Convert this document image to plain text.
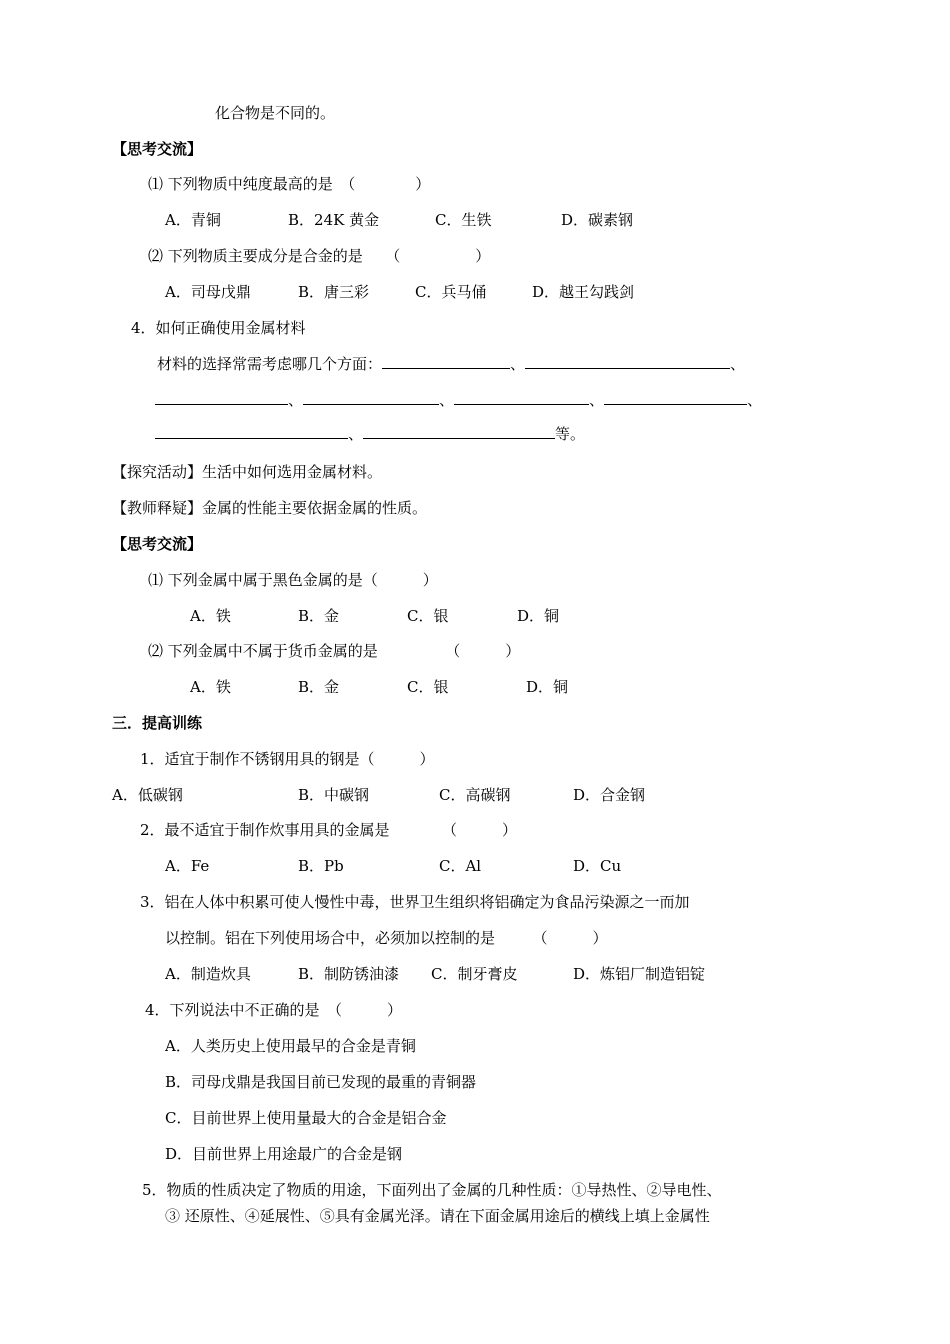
化合物是不同的。
【思考交流】
⑴ 下列物质中纯度最高的是　（　　　　）
A．青铜	B．24K 黄金	C．生铁	D．碳素钢
⑵ 下列物质主要成分是合金的是　　（　　　　　）
A．司母戊鼎	B．唐三彩	C．兵马俑	D．越王勾践剑
4．如何正确使用金属材料
材料的选择常需考虑哪几个方面：	、	、
、	、	、	、
、	等。
【探究活动】生活中如何选用金属材料。
【教师释疑】金属的性能主要依据金属的性质。
【思考交流】
⑴ 下列金属中属于黑色金属的是（　　　）
A．铁	B．金	C．银	D．铜
⑵ 下列金属中不属于货币金属的是　　　　　（　　　）
A．铁	B．金	C．银	D．铜
三．提高训练
1．适宜于制作不锈钢用具的钢是（　　　）
A．低碳钢	B．中碳钢	C．高碳钢	D．合金钢
2．最不适宜于制作炊事用具的金属是　　　　（　　　）
A．Fe	B．Pb	C．Al	D．Cu
3．铝在人体中积累可使人慢性中毒，世界卫生组织将铝确定为食品污染源之一而加
以控制。铝在下列使用场合中，必须加以控制的是　　　（　　　）
A．制造炊具	B．制防锈油漆 C．制牙膏皮	D．炼铝厂制造铝锭
4．下列说法中不正确的是　（　　　）
A．人类历史上使用最早的合金是青铜
B．司母戊鼎是我国目前已发现的最重的青铜器
C．目前世界上使用量最大的合金是铝合金
D．目前世界上用途最广的合金是钢
5．物质的性质决定了物质的用途，下面列出了金属的几种性质：①导热性、②导电性、
③ 还原性、④延展性、⑤具有金属光泽。请在下面金属用途后的横线上填上金属性
